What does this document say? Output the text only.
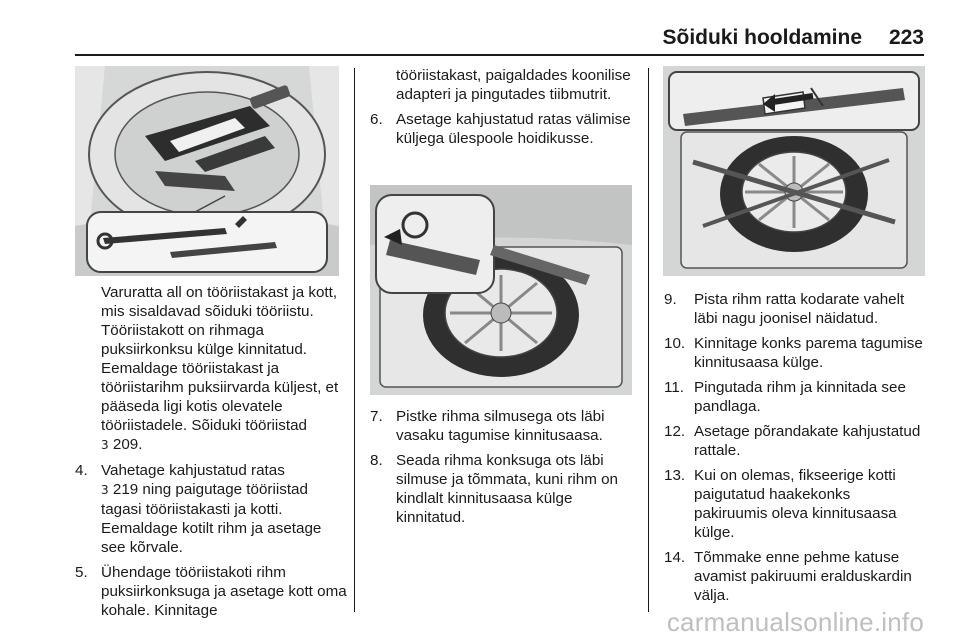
Sõiduki hooldamine 223

Varuratta all on tööriistakast ja kott, mis sisaldavad sõiduki tööriistu. Tööriistakott on rihmaga puksiirkonksu külge kinnitatud. Eemaldage tööriistakast ja tööriistarihm puksiirvarda küljest, et pääseda ligi kotis olevatele tööriistadele. Sõiduki tööriistad
3 209.

4. Vahetage kahjustatud ratas
3 219 ning paigutage tööriistad tagasi tööriistakasti ja kotti. Eemaldage kotilt rihm ja asetage see kõrvale.
5. Ühendage tööriistakoti rihm puksiirkonksuga ja asetage kott oma kohale. Kinnitage

tööriistakast, paigaldades koonilise adapteri ja pingutades tiibmutrit.

6. Asetage kahjustatud ratas välimise küljega ülespoole hoidikusse.
7. Pistke rihma silmusega ots läbi vasaku tagumise kinnitusaasa.
8. Seada rihma konksuga ots läbi silmuse ja tõmmata, kuni rihm on kindlalt kinnitusaasa külge kinnitatud.
9. Pista rihm ratta kodarate vahelt läbi nagu joonisel näidatud.
10. Kinnitage konks parema tagumise kinnitusaasa külge.
11. Pingutada rihm ja kinnitada see pandlaga.
12. Asetage põrandakate kahjustatud rattale.
13. Kui on olemas, fikseerige kotti paigutatud haakekonks pakiruumis oleva kinnitusaasa külge.
14. Tõmmake enne pehme katuse avamist pakiruumi eralduskardin välja.
carmanualsonline.info
